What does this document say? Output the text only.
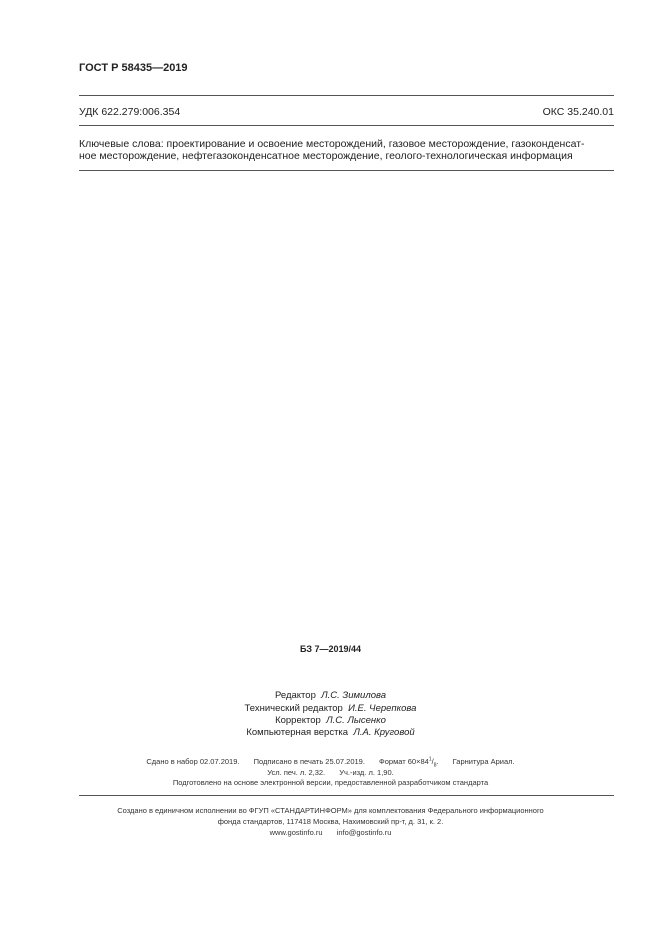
ГОСТ Р 58435—2019
УДК 622.279:006.354	ОКС 35.240.01
Ключевые слова: проектирование и освоение месторождений, газовое месторождение, газоконденсат-
ное месторождение, нефтегазоконденсатное месторождение, геолого-технологическая информация
БЗ 7—2019/44
Редактор Л.С. Зимилова
Технический редактор И.Е. Черепкова
Корректор Л.С. Лысенко
Компьютерная верстка Л.А. Круговой
Сдано в набор 02.07.2019. Подписано в печать 25.07.2019. Формат $60\times 84^1/_8$. Гарнитура Ариал.
Усл. печ. л. 2,32. Уч.-изд. л. 1,90.
Подготовлено на основе электронной версии, предоставленной разработчиком стандарта
Создано в единичном исполнении во ФГУП «СТАНДАРТИНФОРМ» для комплектования Федерального информационного
фонда стандартов, 117418 Москва, Нахимовский пр-т, д. 31, к. 2.
www.gostinfo.ru info@gostinfo.ru
